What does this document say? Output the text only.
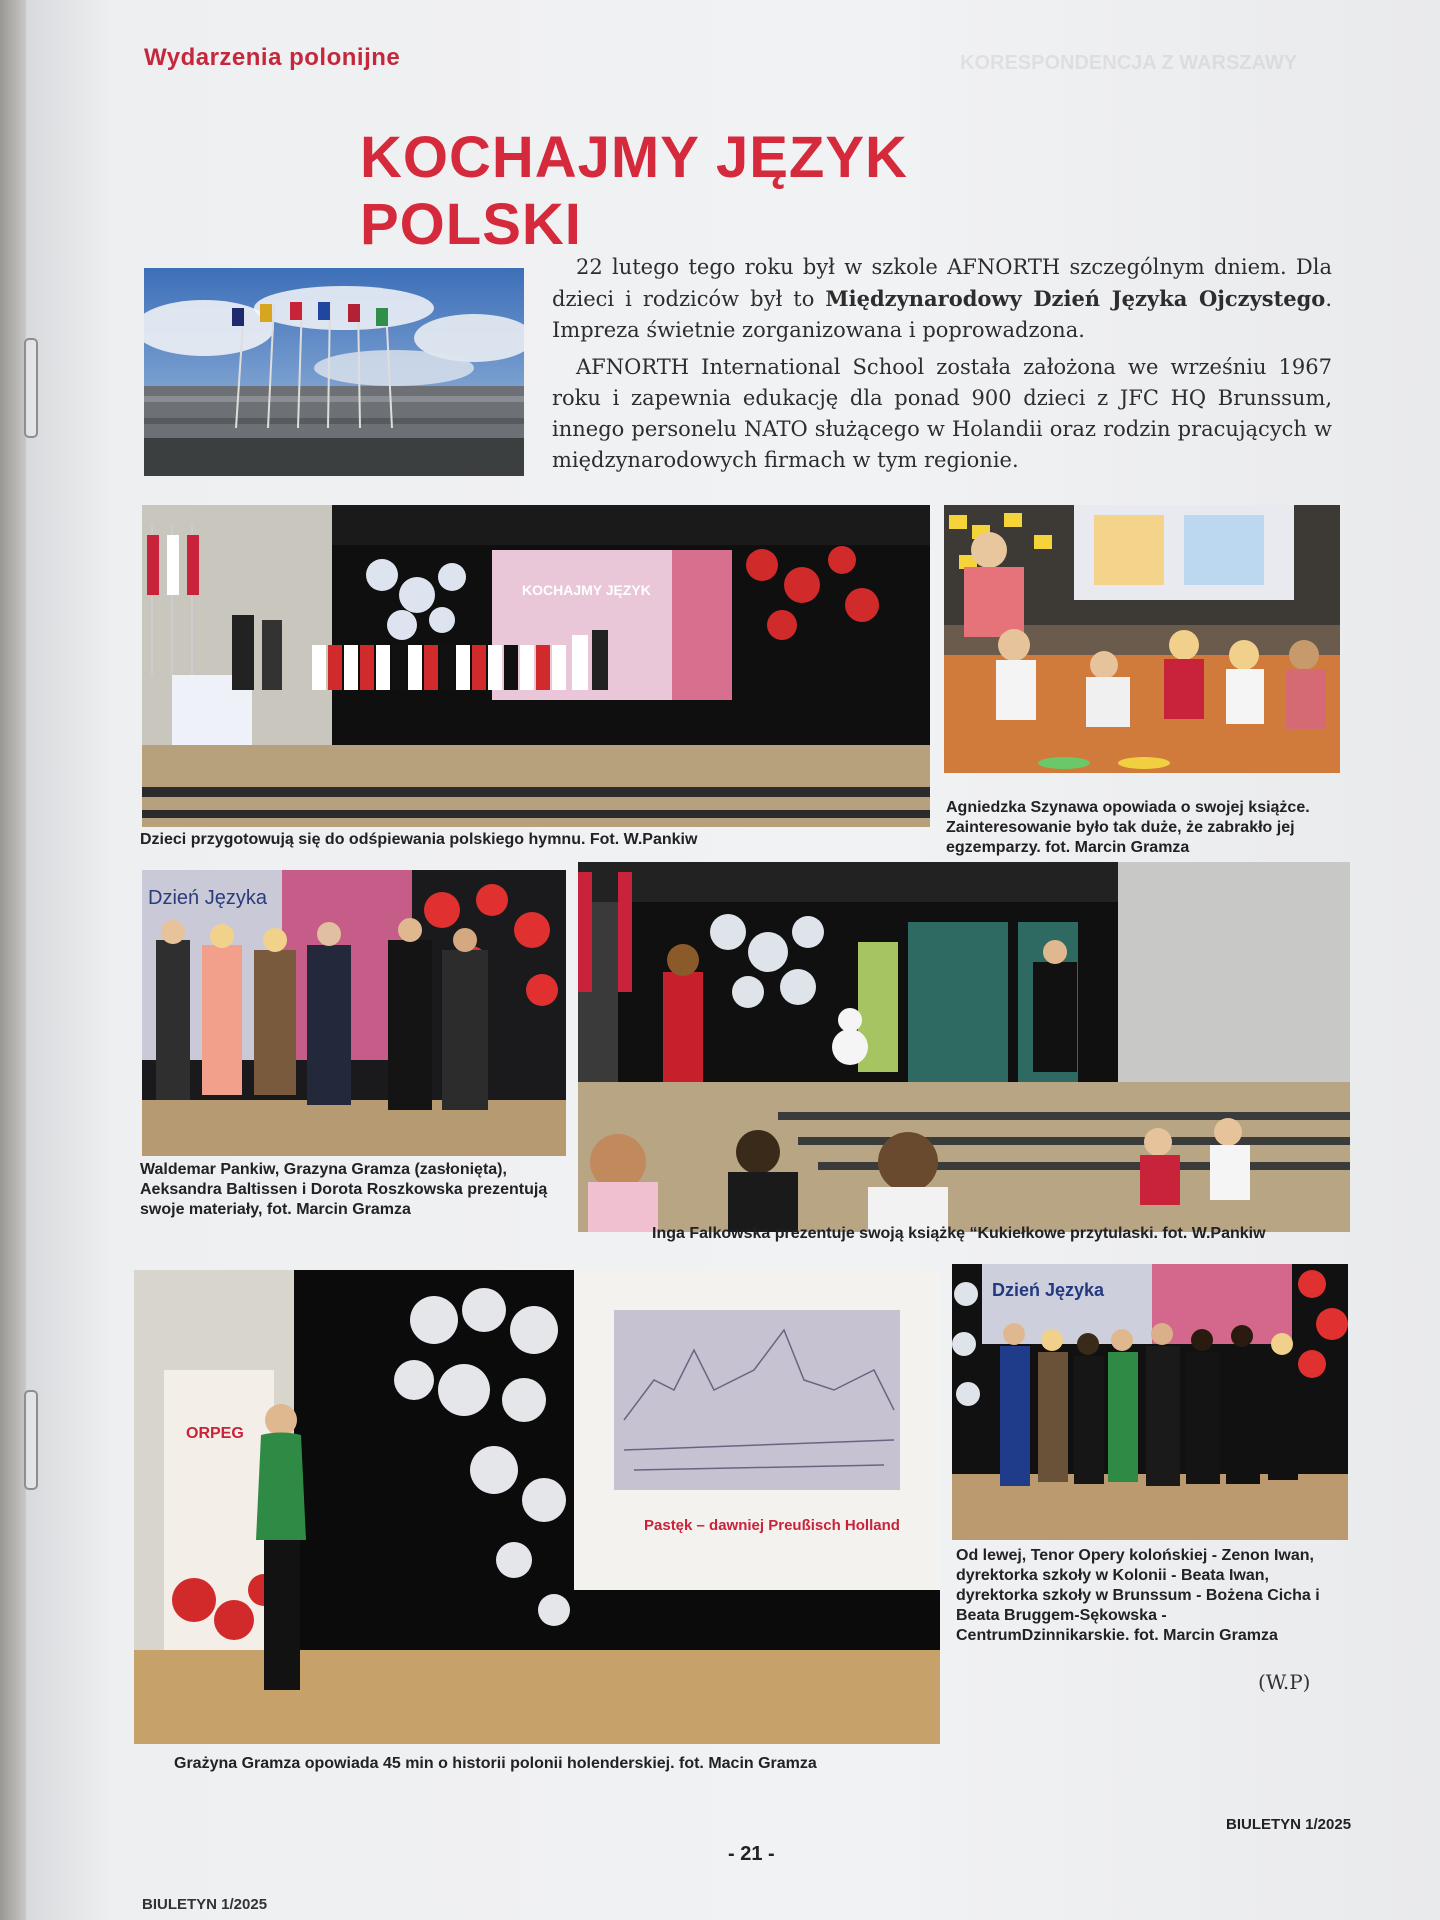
KORESPONDENCJA Z WARSZAWY
Wydarzenia polonijne
KOCHAJMY JĘZYK POLSKI

22 lutego tego roku był w szkole AFNORTH szczególnym dniem. Dla dzieci i rodziców był to Międzynarodowy Dzień Języka Ojczystego. Impreza świetnie zorganizowana i poprowadzona.

AFNORTH International School została założona we wrześniu 1967 roku i zapewnia edukację dla ponad 900 dzieci z JFC HQ Brunssum, innego personelu NATO służącego w Holandii oraz rodzin pracujących w międzynarodowych firmach w tym regionie.

KOCHAJMY JĘZYK
Dzieci przygotowują się do odśpiewania polskiego hymnu. Fot. W.Pankiw
Agniedzka Szynawa opowiada o swojej książce. Zainteresowanie było tak duże, że zabrakło jej egzemparzy. fot. Marcin Gramza
Dzień Języka
Waldemar Pankiw, Grazyna Gramza (zasłonięta), Aeksandra Baltissen i Dorota Roszkowska prezentują swoje materiały, fot. Marcin Gramza
Inga Falkowska prezentuje swoją książkę “Kukiełkowe przytulaski. fot. W.Pankiw
ORPEG
Pastęk – dawniej Preußisch Holland
Grażyna Gramza opowiada 45 min o historii polonii holenderskiej. fot. Macin Gramza
Dzień Języka
Od lewej, Tenor Opery kolońskiej - Zenon Iwan, dyrektorka szkoły w Kolonii - Beata Iwan, dyrektorka szkoły w Brunssum - Bożena Cicha i Beata Bruggem-Sękowska - CentrumDzinnikarskie. fot. Marcin Gramza
(W.P)
BIULETYN 1/2025
- 21 -
BIULETYN 1/2025
